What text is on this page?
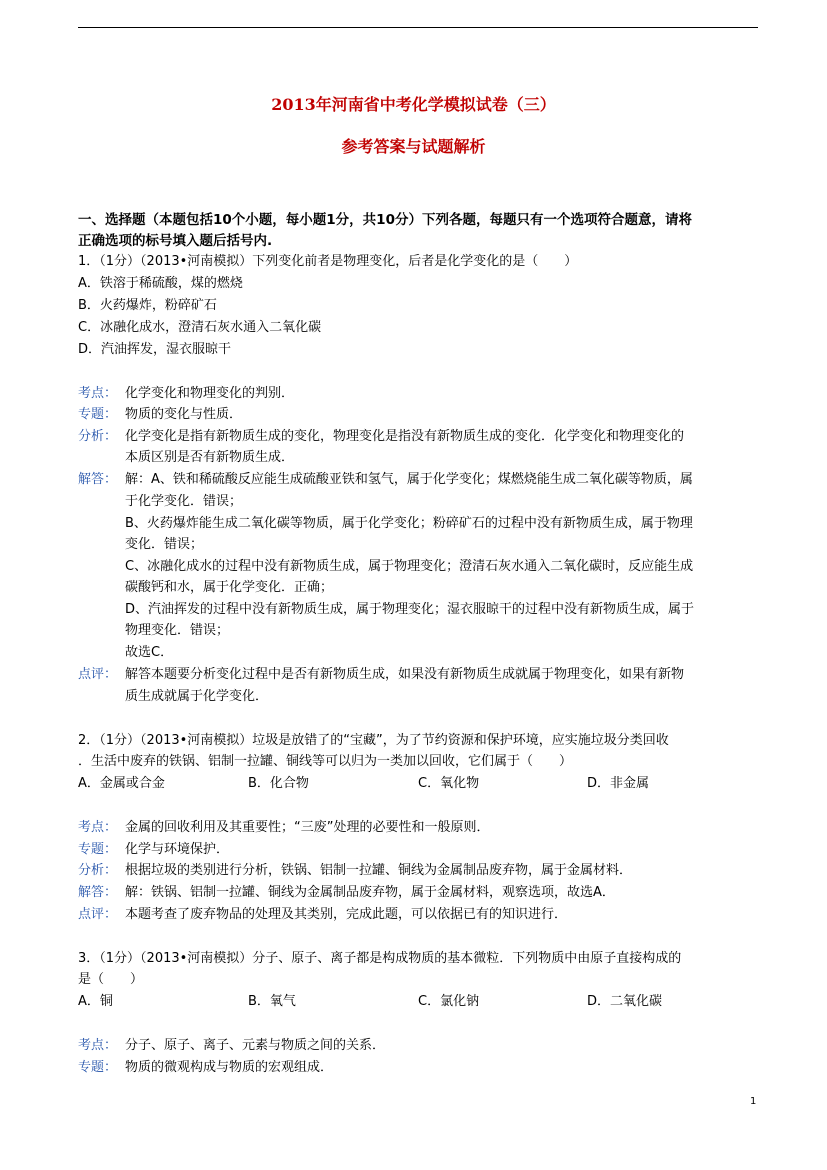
2013年河南省中考化学模拟试卷（三）
参考答案与试题解析
一、选择题（本题包括10个小题，每小题1分，共10分）下列各题，每题只有一个选项符合题意，请将
正确选项的标号填入题后括号内.
1．（1分）（2013•河南模拟）下列变化前者是物理变化，后者是化学变化的是（　　）
A．铁溶于稀硫酸，煤的燃烧
B．火药爆炸，粉碎矿石
C．冰融化成水，澄清石灰水通入二氧化碳
D．汽油挥发，湿衣服晾干
考点： 化学变化和物理变化的判别．
专题： 物质的变化与性质．
分析： 化学变化是指有新物质生成的变化，物理变化是指没有新物质生成的变化．化学变化和物理变化的
本质区别是否有新物质生成．
解答： 解：A、铁和稀硫酸反应能生成硫酸亚铁和氢气，属于化学变化；煤燃烧能生成二氧化碳等物质，属
于化学变化．错误；
B、火药爆炸能生成二氧化碳等物质，属于化学变化；粉碎矿石的过程中没有新物质生成，属于物理
变化．错误；
C、冰融化成水的过程中没有新物质生成，属于物理变化；澄清石灰水通入二氧化碳时，反应能生成
碳酸钙和水，属于化学变化．正确；
D、汽油挥发的过程中没有新物质生成，属于物理变化；湿衣服晾干的过程中没有新物质生成，属于
物理变化．错误；
故选C．
点评： 解答本题要分析变化过程中是否有新物质生成，如果没有新物质生成就属于物理变化，如果有新物
质生成就属于化学变化．
2．（1分）（2013•河南模拟）垃圾是放错了的“宝藏”，为了节约资源和保护环境，应实施垃圾分类回收
．生活中废弃的铁锅、铝制一拉罐、铜线等可以归为一类加以回收，它们属于（　　）
A．金属或合金	B．化合物	C．氧化物	D．非金属
考点： 金属的回收利用及其重要性；“三废”处理的必要性和一般原则．
专题： 化学与环境保护．
分析： 根据垃圾的类别进行分析，铁锅、铝制一拉罐、铜线为金属制品废弃物，属于金属材料．
解答： 解：铁锅、铝制一拉罐、铜线为金属制品废弃物，属于金属材料，观察选项，故选A．
点评： 本题考查了废弃物品的处理及其类别，完成此题，可以依据已有的知识进行．
3．（1分）（2013•河南模拟）分子、原子、离子都是构成物质的基本微粒．下列物质中由原子直接构成的
是（　　）
A．铜	B．氧气	C．氯化钠	D．二氧化碳
考点： 分子、原子、离子、元素与物质之间的关系．
专题： 物质的微观构成与物质的宏观组成．
1
